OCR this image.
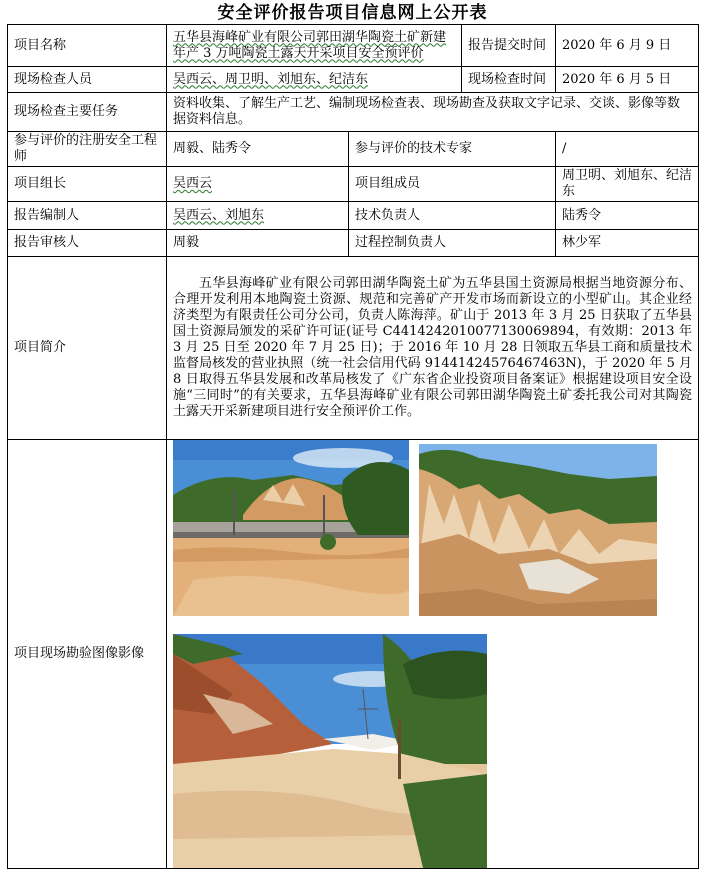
安全评价报告项目信息网上公开表
项目名称	五华县海峰矿业有限公司郭田湖华陶瓷土矿新建年产 3 万吨陶瓷土露天开采项目安全预评价		报告提交时间	2020 年 6 月 9 日
现场检查人员	吴西云、周卫明、刘旭东、纪洁东		现场检查时间	2020 年 6 月 5 日
现场检查主要任务	资料收集、了解生产工艺、编制现场检查表、现场勘查及获取文字记录、交谈、影像等数据资料信息。			
参与评价的注册安全工程师	周毅、陆秀令	参与评价的技术专家		/
项目组长	吴西云	项目组成员		周卫明、刘旭东、纪洁东
报告编制人	吴西云、刘旭东	技术负责人		陆秀令
报告审核人	周毅	过程控制负责人		林少军
项目简介	五华县海峰矿业有限公司郭田湖华陶瓷土矿为五华县国土资源局根据当地资源分布、合理开发利用本地陶瓷土资源、规范和完善矿产开发市场而新设立的小型矿山。其企业经济类型为有限责任公司分公司，负责人陈海萍。矿山于 2013 年 3 月 25 日获取了五华县国土资源局颁发的采矿许可证(证号 C4414242010077130069894，有效期：2013 年 3 月 25 日至 2020 年 7 月 25 日)；于 2016 年 10 月 28 日领取五华县工商和质量技术监督局核发的营业执照（统一社会信用代码 91441424576467463N)，于 2020 年 5 月 8 日取得五华县发展和改革局核发了《广东省企业投资项目备案证》根据建设项目安全设施“三同时”的有关要求，五华县海峰矿业有限公司郭田湖华陶瓷土矿委托我公司对其陶瓷土露天开采新建项目进行安全预评价工作。			
项目现场勘验图像影像	
